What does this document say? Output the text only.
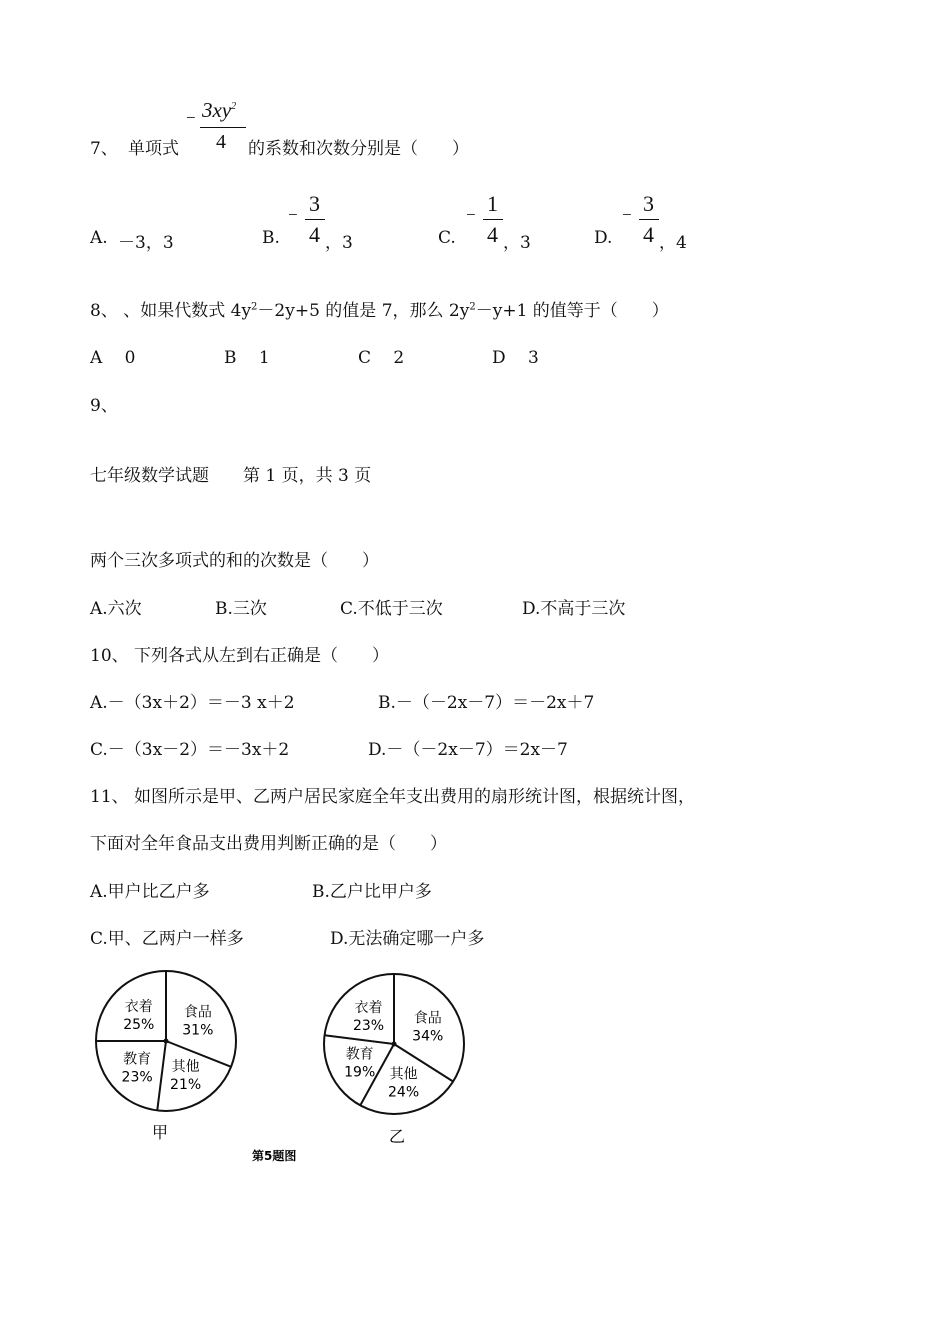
7、 单项式
− $3xy^2$
4 的系数和次数分别是（　　）
A. －3，3	B.
− 3
4 ，3	C.
− 1
4 ，3	D.
− 3
4 ，4
8、 、如果代数式 $4y^2-2y+5$ 的值是 7，那么 $2y^2-y+1$ 的值等于（　　）
A　 0	B　 1	C　 2	D　 3
9、
七年级数学试题　　第 1 页，共 3 页
两个三次多项式的和的次数是（　　）
A.六次	B.三次	C.不低于三次	D.不高于三次
10、 下列各式从左到右正确是（　　）
A.－（3x＋2）＝－3 x＋2	B.－（－2x－7）＝－2x＋7
C.－（3x－2）＝－3x＋2	D.－（－2x－7）＝2x－7
11、 如图所示是甲、乙两户居民家庭全年支出费用的扇形统计图，根据统计图，
下面对全年食品支出费用判断正确的是（　　）
A.甲户比乙户多	B.乙户比甲户多
C.甲、乙两户一样多	D.无法确定哪一户多
食品
31%
其他
21%
教育
23%
衣着
25%	食品
34%
其他
24%
教育
19%
衣着
23%
甲	乙
第5题图
